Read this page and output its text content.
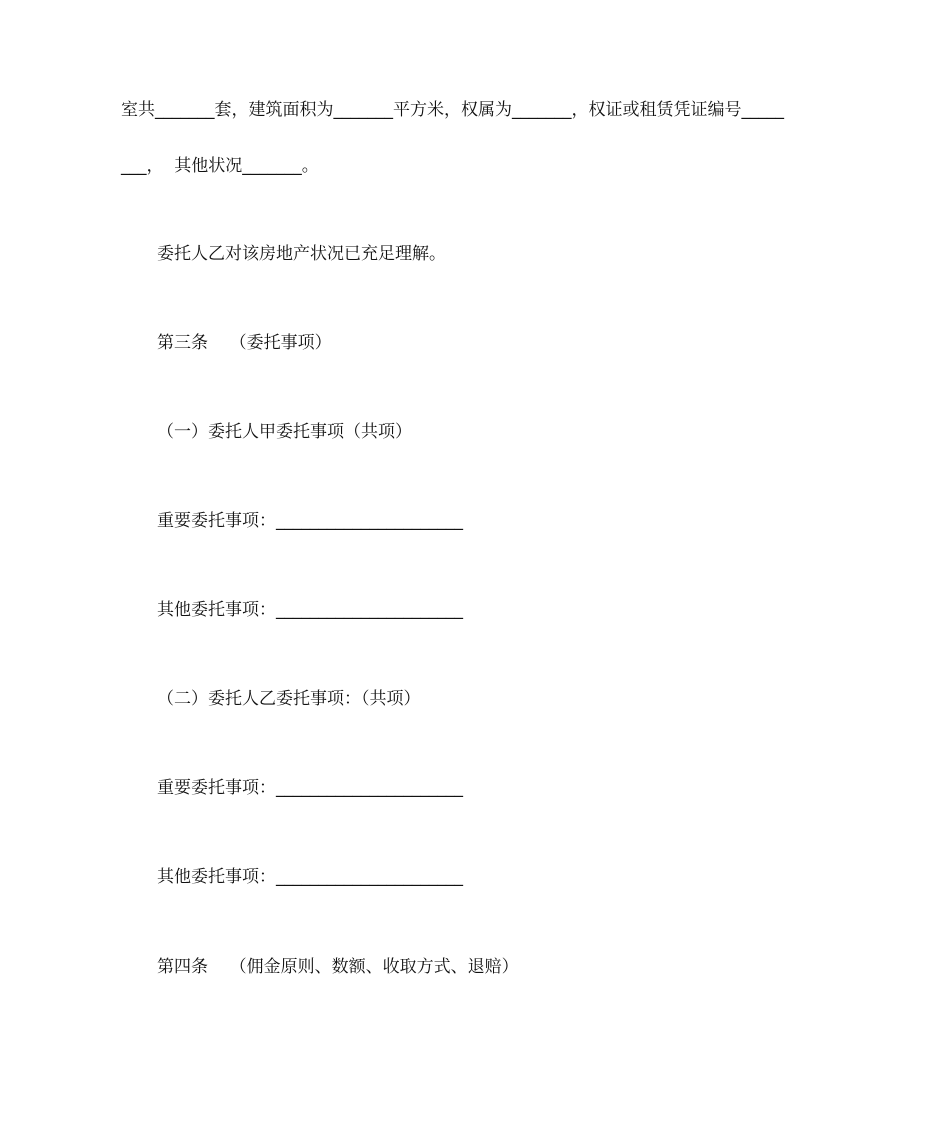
室共_______套，建筑面积为_______平方米，权属为_______，权证或租赁凭证编号_____
___，  其他状况_______。
委托人乙对该房地产状况已充足理解。
第三条    （委托事项）
（一）委托人甲委托事项（共项）
重要委托事项：______________________
其他委托事项：______________________
（二）委托人乙委托事项：（共项）
重要委托事项：______________________
其他委托事项：______________________
第四条    （佣金原则、数额、收取方式、退赔）
